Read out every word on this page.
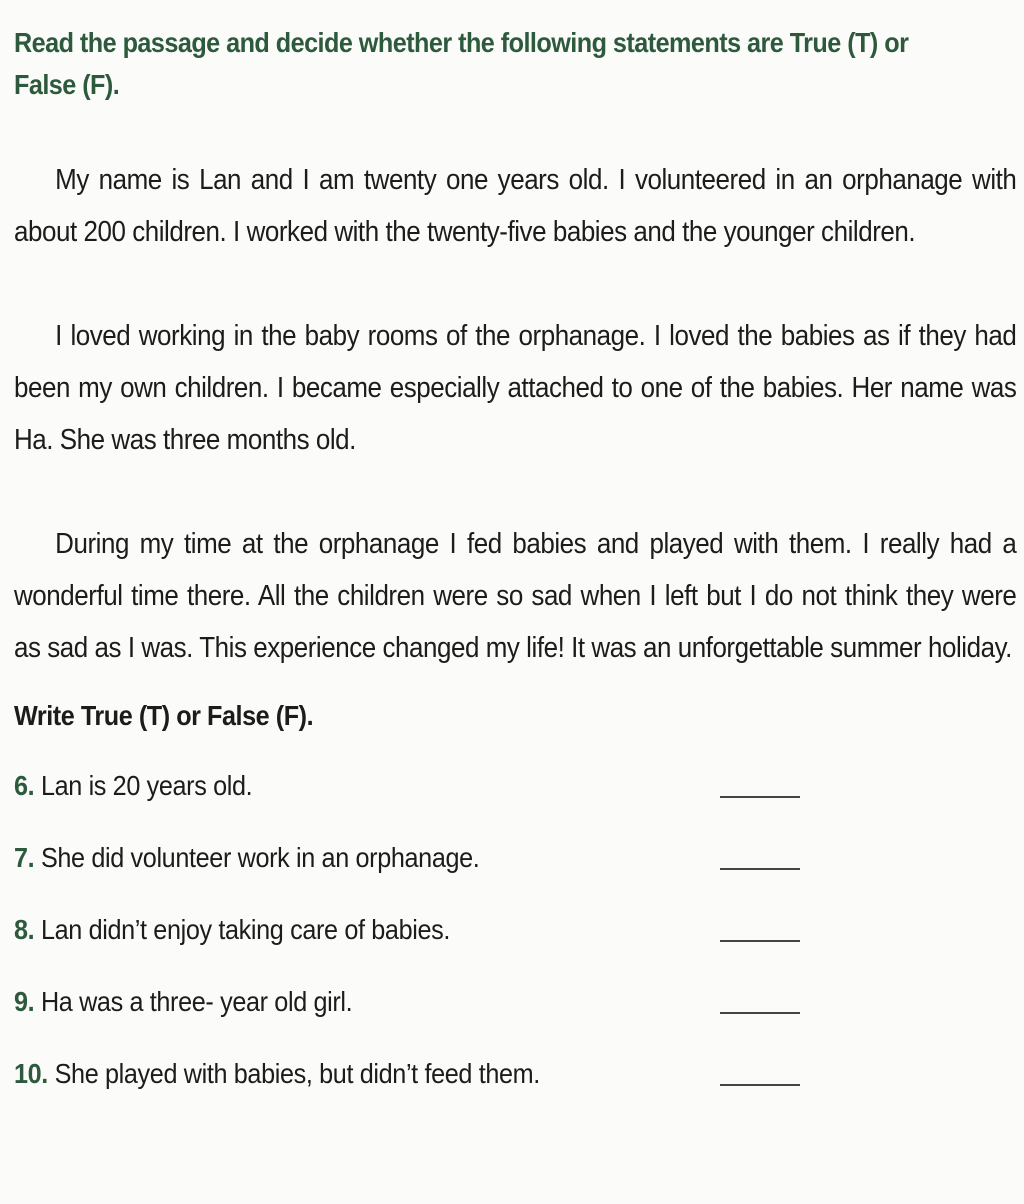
Read the passage and decide whether the following statements are True (T) or False (F).

My name is Lan and I am twenty one years old. I volunteered in an orphanage with about 200 children. I worked with the twenty-five babies and the younger children.

I loved working in the baby rooms of the orphanage. I loved the babies as if they had been my own children. I became especially attached to one of the babies. Her name was Ha. She was three months old.

During my time at the orphanage I fed babies and played with them. I really had a wonderful time there. All the children were so sad when I left but I do not think they were as sad as I was. This experience changed my life! It was an unforgettable summer holiday.

Write True (T) or False (F).
6. Lan is 20 years old.
7. She did volunteer work in an orphanage.
8. Lan didn’t enjoy taking care of babies.
9. Ha was a three- year old girl.
10. She played with babies, but didn’t feed them.
